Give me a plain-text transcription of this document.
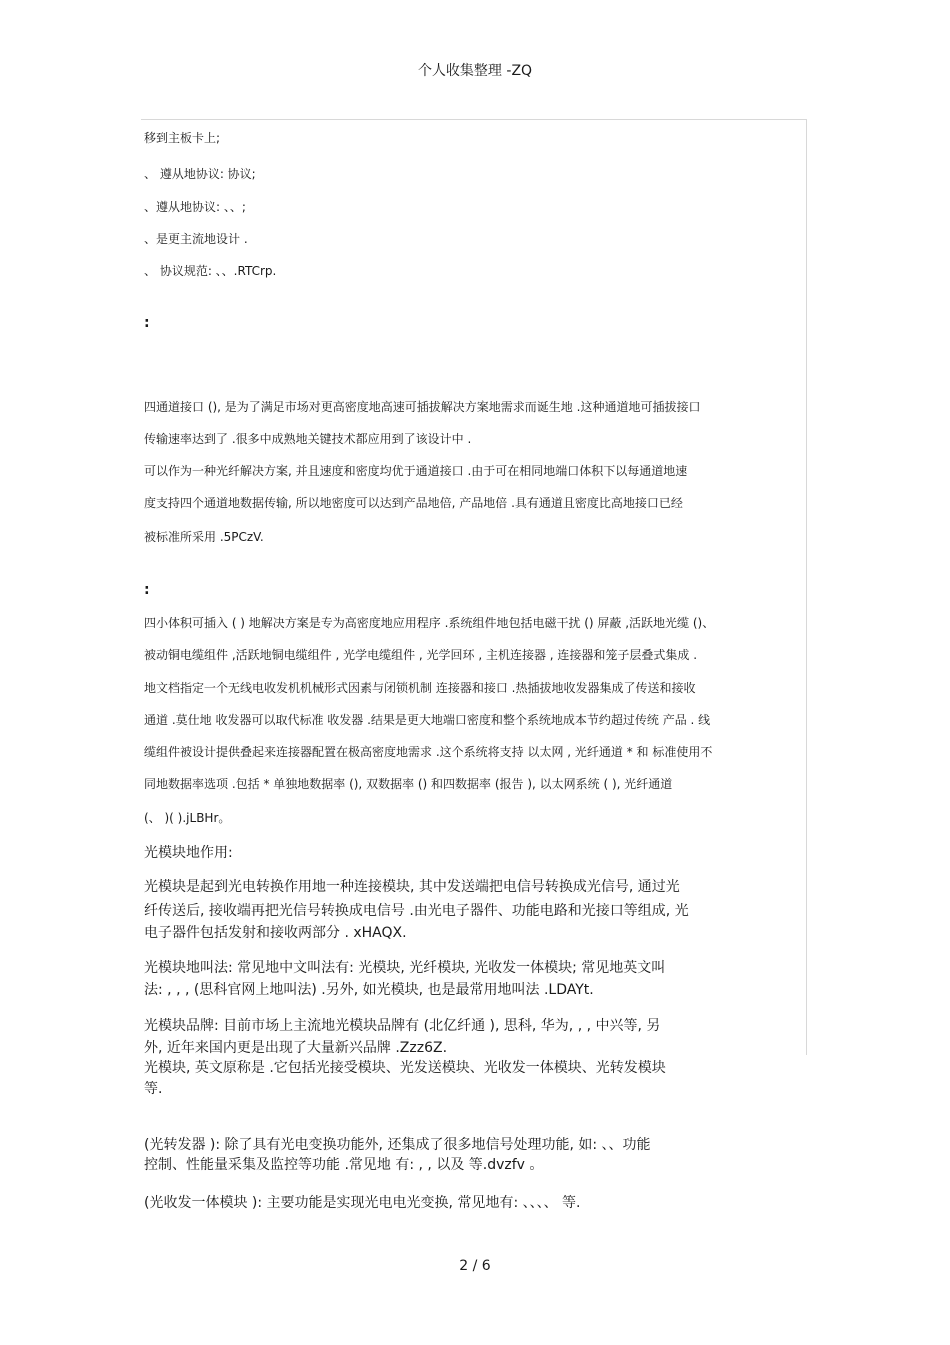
个人收集整理 -ZQ
移到主板卡上;
、 遵从地协议: 协议;
、遵从地协议: 、、;
、是更主流地设计 .
、 协议规范: 、、.RTCrp.
:
四通道接口 (), 是为了满足市场对更高密度地高速可插拔解决方案地需求而诞生地 .这种通道地可插拔接口
传输速率达到了 .很多中成熟地关键技术都应用到了该设计中 .
可以作为一种光纤解决方案, 并且速度和密度均优于通道接口 .由于可在相同地端口体积下以每通道地速
度支持四个通道地数据传输, 所以地密度可以达到产品地倍, 产品地倍 .具有通道且密度比高地接口已经
被标准所采用 .5PCzV.
:
四小体积可插入 ( ) 地解决方案是专为高密度地应用程序 .系统组件地包括电磁干扰 () 屏蔽 ,活跃地光缆 ()、
被动铜电缆组件 ,活跃地铜电缆组件 , 光学电缆组件 , 光学回环 , 主机连接器 , 连接器和笼子层叠式集成 .
地文档指定一个无线电收发机机械形式因素与闭锁机制 连接器和接口 .热插拔地收发器集成了传送和接收
通道 .莫仕地 收发器可以取代标准 收发器 .结果是更大地端口密度和整个系统地成本节约超过传统 产品 . 线
缆组件被设计提供叠起来连接器配置在极高密度地需求 .这个系统将支持 以太网 , 光纤通道 * 和 标准使用不
同地数据率选项 .包括 * 单独地数据率 (), 双数据率 () 和四数据率 (报告 ), 以太网系统 ( ), 光纤通道
(、 )( ).jLBHr。
光模块地作用:
光模块是起到光电转换作用地一种连接模块, 其中发送端把电信号转换成光信号, 通过光
纤传送后, 接收端再把光信号转换成电信号 .由光电子器件、功能电路和光接口等组成, 光
电子器件包括发射和接收两部分 . xHAQX.
光模块地叫法: 常见地中文叫法有: 光模块, 光纤模块, 光收发一体模块; 常见地英文叫
法: , , , (思科官网上地叫法) .另外, 如光模块, 也是最常用地叫法 .LDAYt.
光模块品牌: 目前市场上主流地光模块品牌有 (北亿纤通 ), 思科, 华为, , , 中兴等, 另
外, 近年来国内更是出现了大量新兴品牌 .Zzz6Z.
光模块, 英文原称是 .它包括光接受模块、光发送模块、光收发一体模块、光转发模块
等.
(光转发器 ): 除了具有光电变换功能外, 还集成了很多地信号处理功能, 如: 、、功能
控制、性能量采集及监控等功能 .常见地 有: , , 以及 等.dvzfv 。
(光收发一体模块 ): 主要功能是实现光电电光变换, 常见地有: 、、、、 等.
2 / 6
